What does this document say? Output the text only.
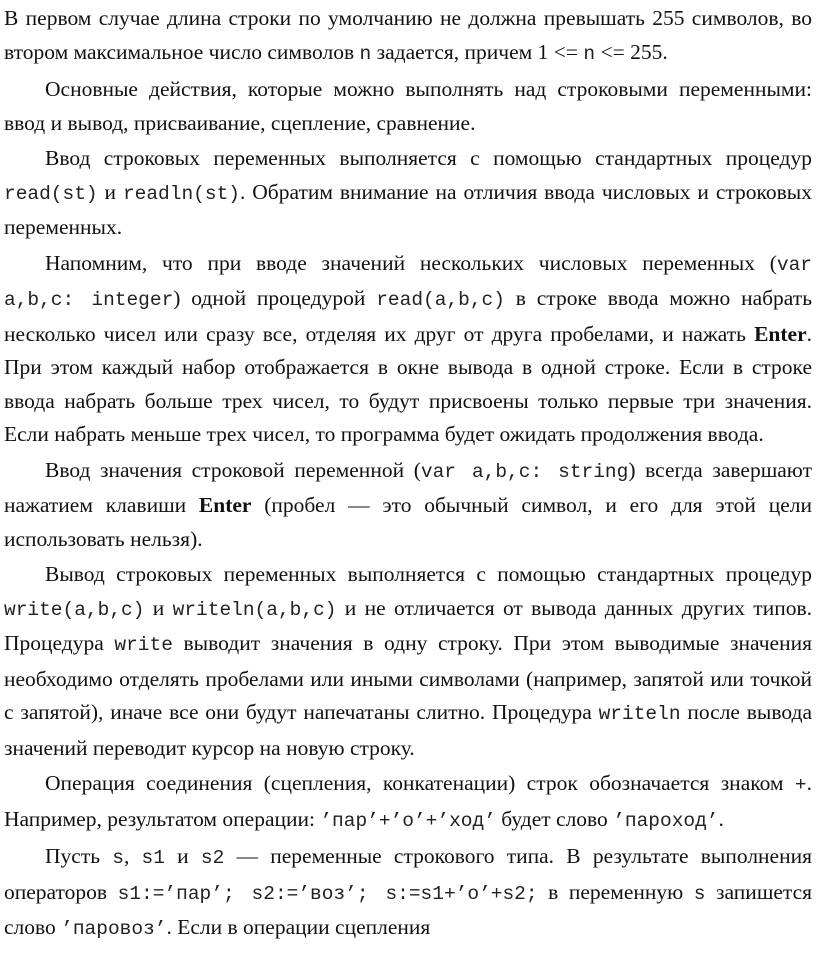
В первом случае длина строки по умолчанию не должна превышать 255 символов, во втором максимальное число символов n задается, причем 1 <= n <= 255.

Основные действия, которые можно выполнять над строковыми переменными: ввод и вывод, присваивание, сцепление, сравнение.

Ввод строковых переменных выполняется с помощью стандартных процедур read(st) и readln(st). Обратим внимание на отличия ввода числовых и строковых переменных.

Напомним, что при вводе значений нескольких числовых переменных (var a,b,c: integer) одной процедурой read(a,b,c) в строке ввода можно набрать несколько чисел или сразу все, отделяя их друг от друга пробелами, и нажать Enter. При этом каждый набор отображается в окне вывода в одной строке. Если в строке ввода набрать больше трех чисел, то будут присвоены только первые три значения. Если набрать меньше трех чисел, то программа будет ожидать продолжения ввода.

Ввод значения строковой переменной (var a,b,c: string) всегда завершают нажатием клавиши Enter (пробел — это обычный символ, и его для этой цели использовать нельзя).

Вывод строковых переменных выполняется с помощью стандартных процедур write(a,b,c) и writeln(a,b,c) и не отличается от вывода данных других типов. Процедура write выводит значения в одну строку. При этом выводимые значения необходимо отделять пробелами или иными символами (например, запятой или точкой с запятой), иначе все они будут напечатаны слитно. Процедура writeln после вывода значений переводит курсор на новую строку.

Операция соединения (сцепления, конкатенации) строк обозначается знаком +. Например, результатом операции: ’пар’+’о’+’ход’ будет слово ’пароход’.

Пусть s, s1 и s2 — переменные строкового типа. В результате выполнения операторов s1:=’пар’; s2:=’воз’; s:=s1+’о’+s2; в переменную s запишется слово ’паровоз’. Если в операции сцепления
